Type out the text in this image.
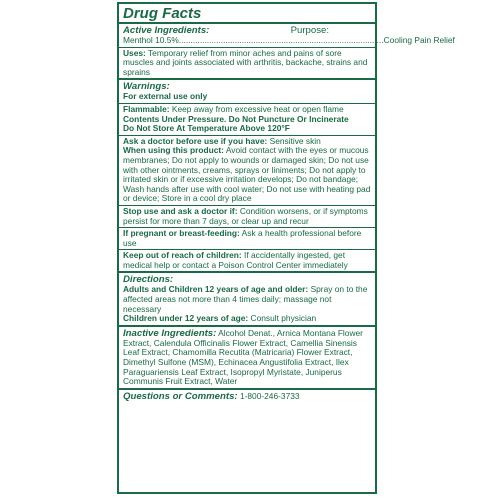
Drug Facts
Active Ingredients:	Purpose:
Menthol 10.5% ........................................................................................ Cooling Pain Relief

Uses: Temporary relief from minor aches and pains of sore muscles and joints associated with arthritis, backache, strains and sprains

Warnings:
For external use only

Flammable: Keep away from excessive heat or open flame

Contents Under Pressure. Do Not Puncture Or Incinerate

Do Not Store At Temperature Above 120°F

Ask a doctor before use if you have: Sensitive skin

When using this product: Avoid contact with the eyes or mucous membranes; Do not apply to wounds or damaged skin; Do not use with other ointments, creams, sprays or liniments; Do not apply to irritated skin or if excessive irritation develops; Do not bandage; Wash hands after use with cool water; Do not use with heating pad or device; Store in a cool dry place

Stop use and ask a doctor if: Condition worsens, or if symptoms persist for more than 7 days, or clear up and recur

If pregnant or breast-feeding: Ask a health professional before use

Keep out of reach of children: If accidentally ingested, get medical help or contact a Poison Control Center immediately

Directions:

Adults and Children 12 years of age and older: Spray on to the affected areas not more than 4 times daily; massage not necessary

Children under 12 years of age: Consult physician

Inactive Ingredients: Alcohol Denat., Arnica Montana Flower Extract, Calendula Officinalis Flower Extract, Camellia Sinensis Leaf Extract, Chamomilla Recutita (Matricaria) Flower Extract, Dimethyl Sulfone (MSM), Echinacea Angustifolia Extract, Ilex Paraguariensis Leaf Extract, Isopropyl Myristate, Juniperus Communis Fruit Extract, Water

Questions or Comments: 1-800-246-3733
